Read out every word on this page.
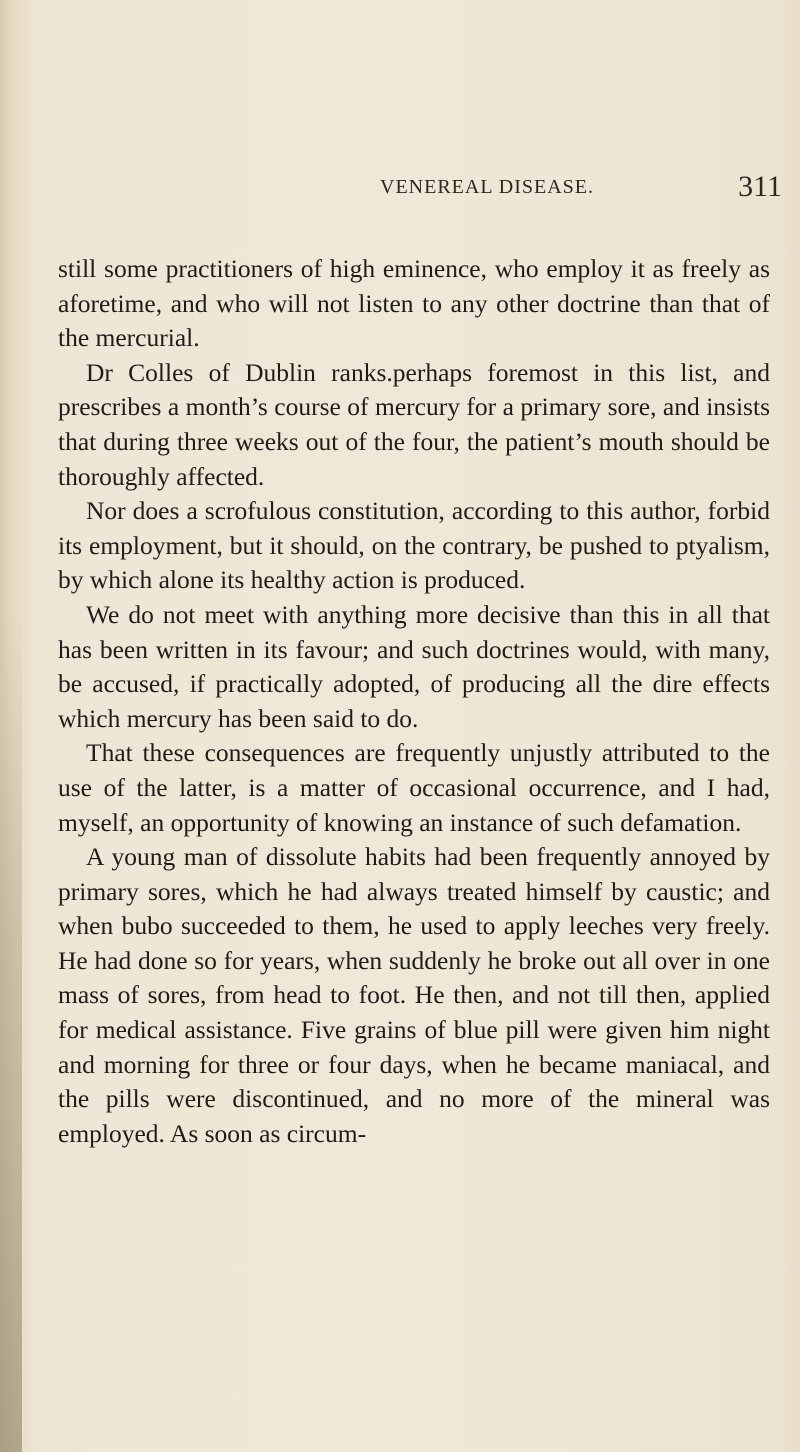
VENEREAL DISEASE.	311

still some practitioners of high eminence, who employ it as freely as aforetime, and who will not listen to any other doctrine than that of the mercurial.

Dr Colles of Dublin ranks.perhaps foremost in this list, and prescribes a month’s course of mercury for a primary sore, and insists that during three weeks out of the four, the patient’s mouth should be thoroughly affected.

Nor does a scrofulous constitution, according to this author, forbid its employment, but it should, on the contrary, be pushed to ptyalism, by which alone its healthy action is produced.

We do not meet with anything more decisive than this in all that has been written in its favour; and such doctrines would, with many, be accused, if practically adopted, of producing all the dire effects which mercury has been said to do.

That these consequences are frequently unjustly attributed to the use of the latter, is a matter of occasional occurrence, and I had, myself, an opportunity of knowing an instance of such defamation.

A young man of dissolute habits had been frequently annoyed by primary sores, which he had always treated himself by caustic; and when bubo succeeded to them, he used to apply leeches very freely. He had done so for years, when suddenly he broke out all over in one mass of sores, from head to foot. He then, and not till then, applied for medical assistance. Five grains of blue pill were given him night and morning for three or four days, when he became maniacal, and the pills were discontinued, and no more of the mineral was employed. As soon as circum-
